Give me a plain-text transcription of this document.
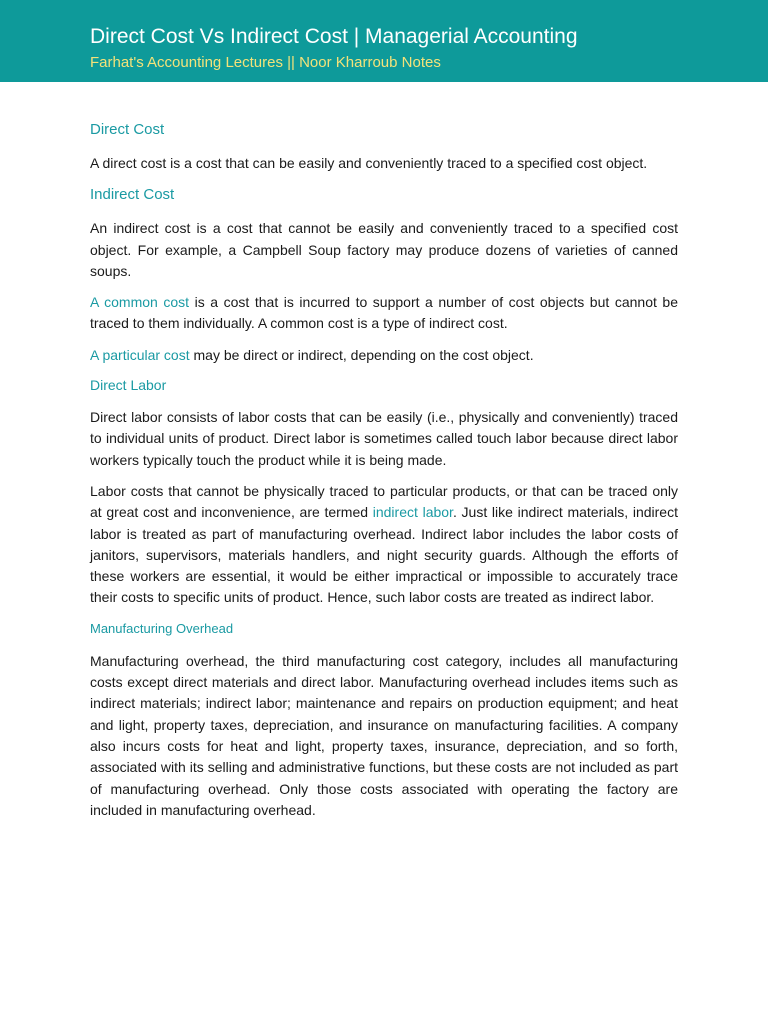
Direct Cost Vs Indirect Cost | Managerial Accounting
Farhat's Accounting Lectures || Noor Kharroub Notes
Direct Cost

A direct cost is a cost that can be easily and conveniently traced to a specified cost object.

Indirect Cost

An indirect cost is a cost that cannot be easily and conveniently traced to a specified cost object. For example, a Campbell Soup factory may produce dozens of varieties of canned soups.

A common cost is a cost that is incurred to support a number of cost objects but cannot be traced to them individually. A common cost is a type of indirect cost.

A particular cost may be direct or indirect, depending on the cost object.

Direct Labor

Direct labor consists of labor costs that can be easily (i.e., physically and conveniently) traced to individual units of product. Direct labor is sometimes called touch labor because direct labor workers typically touch the product while it is being made.

Labor costs that cannot be physically traced to particular products, or that can be traced only at great cost and inconvenience, are termed indirect labor. Just like indirect materials, indirect labor is treated as part of manufacturing overhead. Indirect labor includes the labor costs of janitors, supervisors, materials handlers, and night security guards. Although the efforts of these workers are essential, it would be either impractical or impossible to accurately trace their costs to specific units of product. Hence, such labor costs are treated as indirect labor.

Manufacturing Overhead

Manufacturing overhead, the third manufacturing cost category, includes all manufacturing costs except direct materials and direct labor. Manufacturing overhead includes items such as indirect materials; indirect labor; maintenance and repairs on production equipment; and heat and light, property taxes, depreciation, and insurance on manufacturing facilities. A company also incurs costs for heat and light, property taxes, insurance, depreciation, and so forth, associated with its selling and administrative functions, but these costs are not included as part of manufacturing overhead. Only those costs associated with operating the factory are included in manufacturing overhead.
